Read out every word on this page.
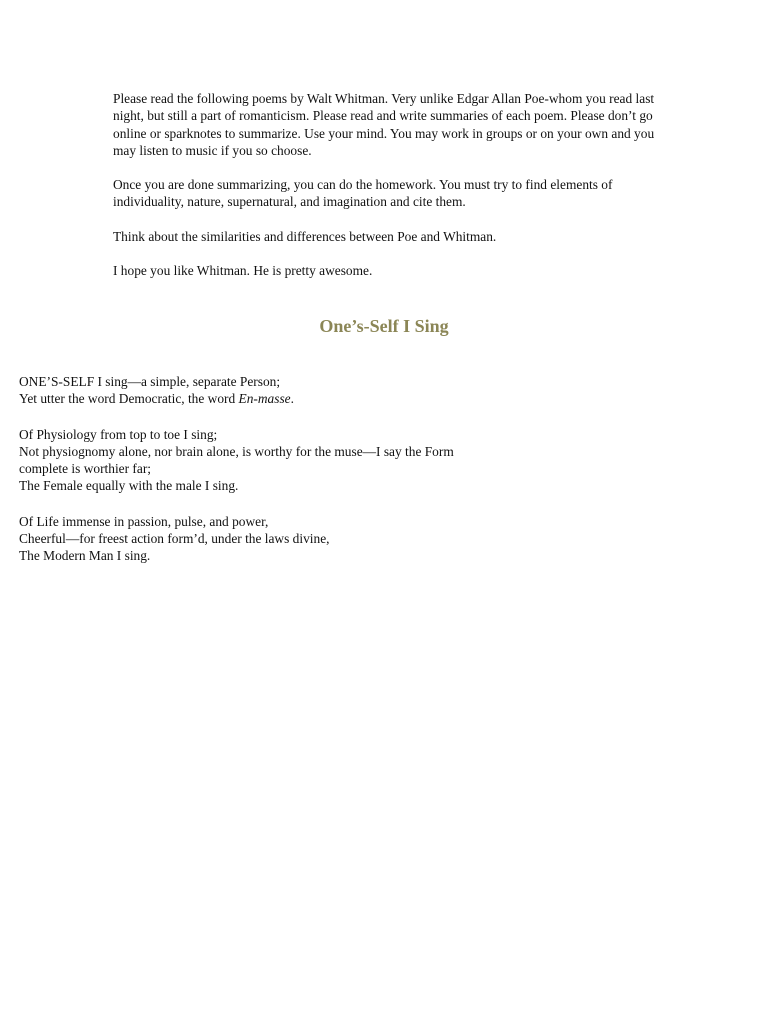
Please read the following poems by Walt Whitman. Very unlike Edgar Allan Poe-whom you read last night, but still a part of romanticism. Please read and write summaries of each poem. Please don’t go online or sparknotes to summarize. Use your mind. You may work in groups or on your own and you may listen to music if you so choose.

Once you are done summarizing, you can do the homework. You must try to find elements of individuality, nature, supernatural, and imagination and cite them.

Think about the similarities and differences between Poe and Whitman.

I hope you like Whitman. He is pretty awesome.

One’s-Self I Sing
ONE’S-SELF I sing—a simple, separate Person;
Yet utter the word Democratic, the word En-masse.
Of Physiology from top to toe I sing;
Not physiognomy alone, nor brain alone, is worthy for the muse—I say the Form
complete is worthier far;
The Female equally with the male I sing.
Of Life immense in passion, pulse, and power,
Cheerful—for freest action form’d, under the laws divine,
The Modern Man I sing.
